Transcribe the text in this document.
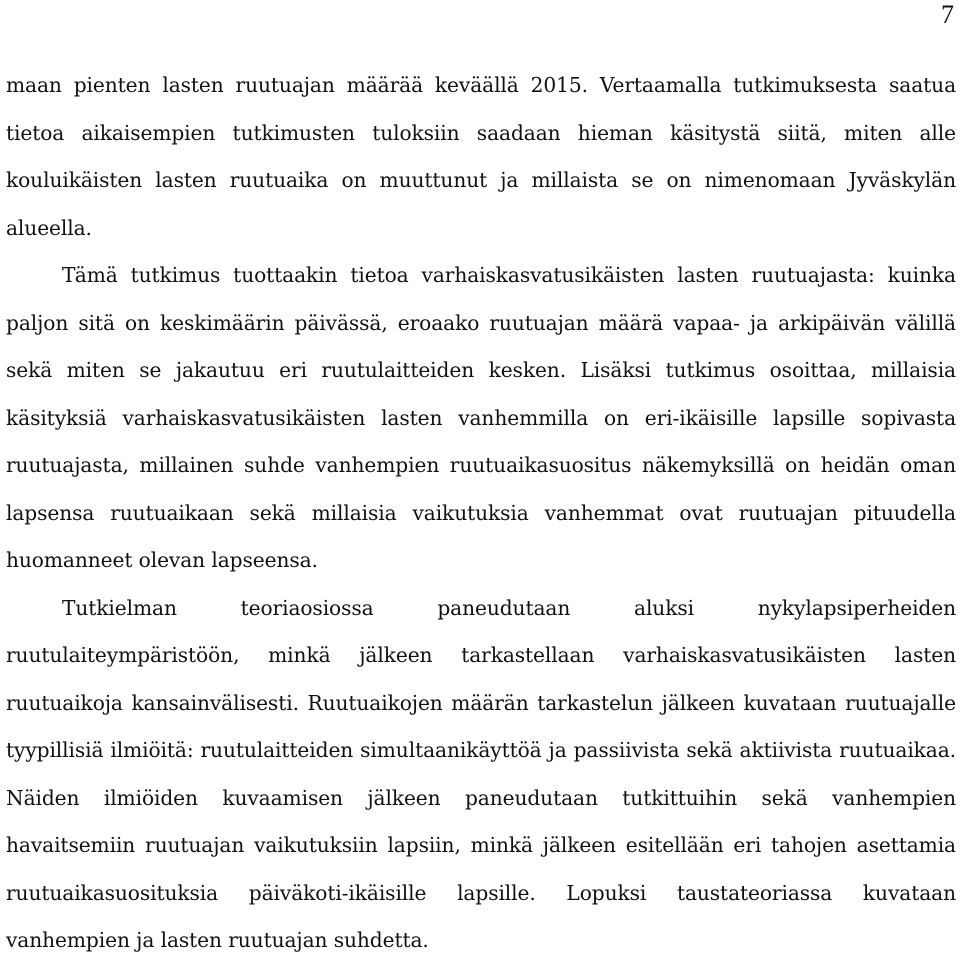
7

maan pienten lasten ruutuajan määrää keväällä 2015. Vertaamalla tutkimuksesta saatua tietoa aikaisempien tutkimusten tuloksiin saadaan hieman käsitystä siitä, miten alle kouluikäisten lasten ruutuaika on muuttunut ja millaista se on nimenomaan Jyväskylän alueella.

Tämä tutkimus tuottaakin tietoa varhaiskasvatusikäisten lasten ruutuajasta: kuinka paljon sitä on keskimäärin päivässä, eroaako ruutuajan määrä vapaa- ja arkipäivän välillä sekä miten se jakautuu eri ruutulaitteiden kesken. Lisäksi tutkimus osoittaa, millaisia käsityksiä varhaiskasvatusikäisten lasten vanhemmilla on eri-ikäisille lapsille sopivasta ruutuajasta, millainen suhde vanhempien ruutuaikasuositus näkemyksillä on heidän oman lapsensa ruutuaikaan sekä millaisia vaikutuksia vanhemmat ovat ruutuajan pituudella huomanneet olevan lapseensa.

Tutkielman teoriaosiossa paneudutaan aluksi nykylapsiperheiden ruutulaiteympäristöön, minkä jälkeen tarkastellaan varhaiskasvatusikäisten lasten ruutuaikoja kansainvälisesti. Ruutuaikojen määrän tarkastelun jälkeen kuvataan ruutuajalle tyypillisiä ilmiöitä: ruutulaitteiden simultaanikäyttöä ja passiivista sekä aktiivista ruutuaikaa. Näiden ilmiöiden kuvaamisen jälkeen paneudutaan tutkittuihin sekä vanhempien havaitsemiin ruutuajan vaikutuksiin lapsiin, minkä jälkeen esitellään eri tahojen asettamia ruutuaikasuosituksia päiväkoti-ikäisille lapsille. Lopuksi taustateoriassa kuvataan vanhempien ja lasten ruutuajan suhdetta.
